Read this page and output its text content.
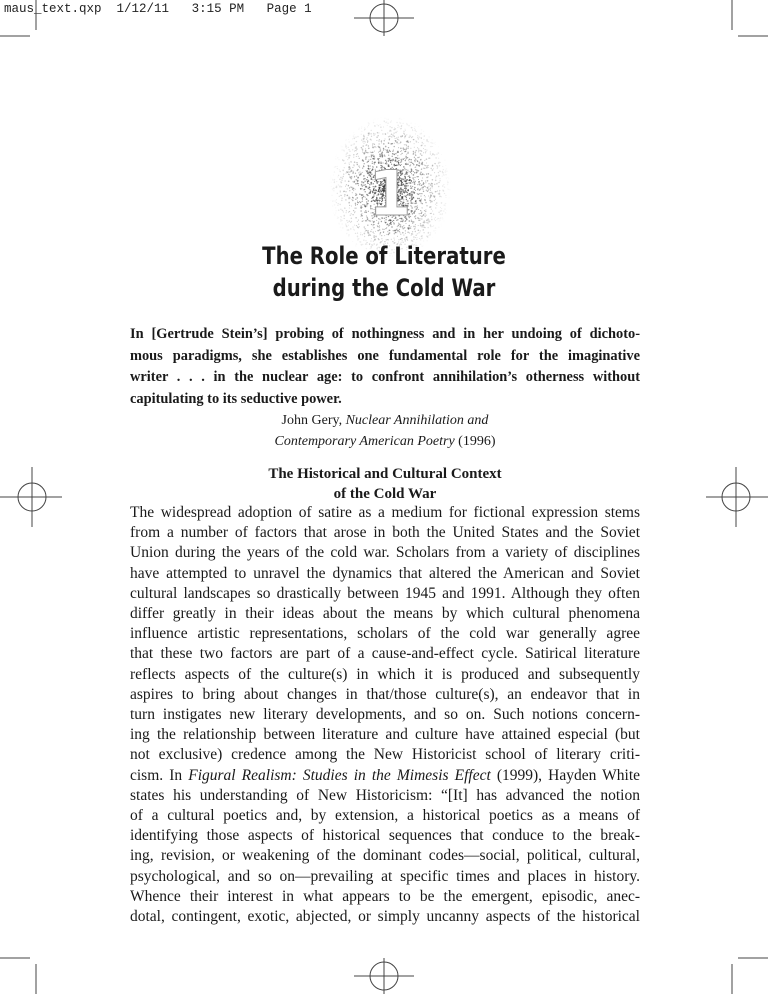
maus_text.qxp 1/12/11 3:15 PM Page 1
1
The Role of Literature
during the Cold War
In [Gertrude Stein’s] probing of nothingness and in her undoing of dichoto-
mous paradigms, she establishes one fundamental role for the imaginative
writer . . . in the nuclear age: to confront annihilation’s otherness without
capitulating to its seductive power.
John Gery, Nuclear Annihilation and
Contemporary American Poetry (1996)
The Historical and Cultural Context
of the Cold War
The widespread adoption of satire as a medium for fictional expression stems
from a number of factors that arose in both the United States and the Soviet
Union during the years of the cold war. Scholars from a variety of disciplines
have attempted to unravel the dynamics that altered the American and Soviet
cultural landscapes so drastically between 1945 and 1991. Although they often
differ greatly in their ideas about the means by which cultural phenomena
influence artistic representations, scholars of the cold war generally agree
that these two factors are part of a cause-and-effect cycle. Satirical literature
reflects aspects of the culture(s) in which it is produced and subsequently
aspires to bring about changes in that/those culture(s), an endeavor that in
turn instigates new literary developments, and so on. Such notions concern-
ing the relationship between literature and culture have attained especial (but
not exclusive) credence among the New Historicist school of literary criti-
cism. In Figural Realism: Studies in the Mimesis Effect (1999), Hayden White
states his understanding of New Historicism: “[It] has advanced the notion
of a cultural poetics and, by extension, a historical poetics as a means of
identifying those aspects of historical sequences that conduce to the break-
ing, revision, or weakening of the dominant codes—social, political, cultural,
psychological, and so on—prevailing at specific times and places in history.
Whence their interest in what appears to be the emergent, episodic, anec-
dotal, contingent, exotic, abjected, or simply uncanny aspects of the historical
